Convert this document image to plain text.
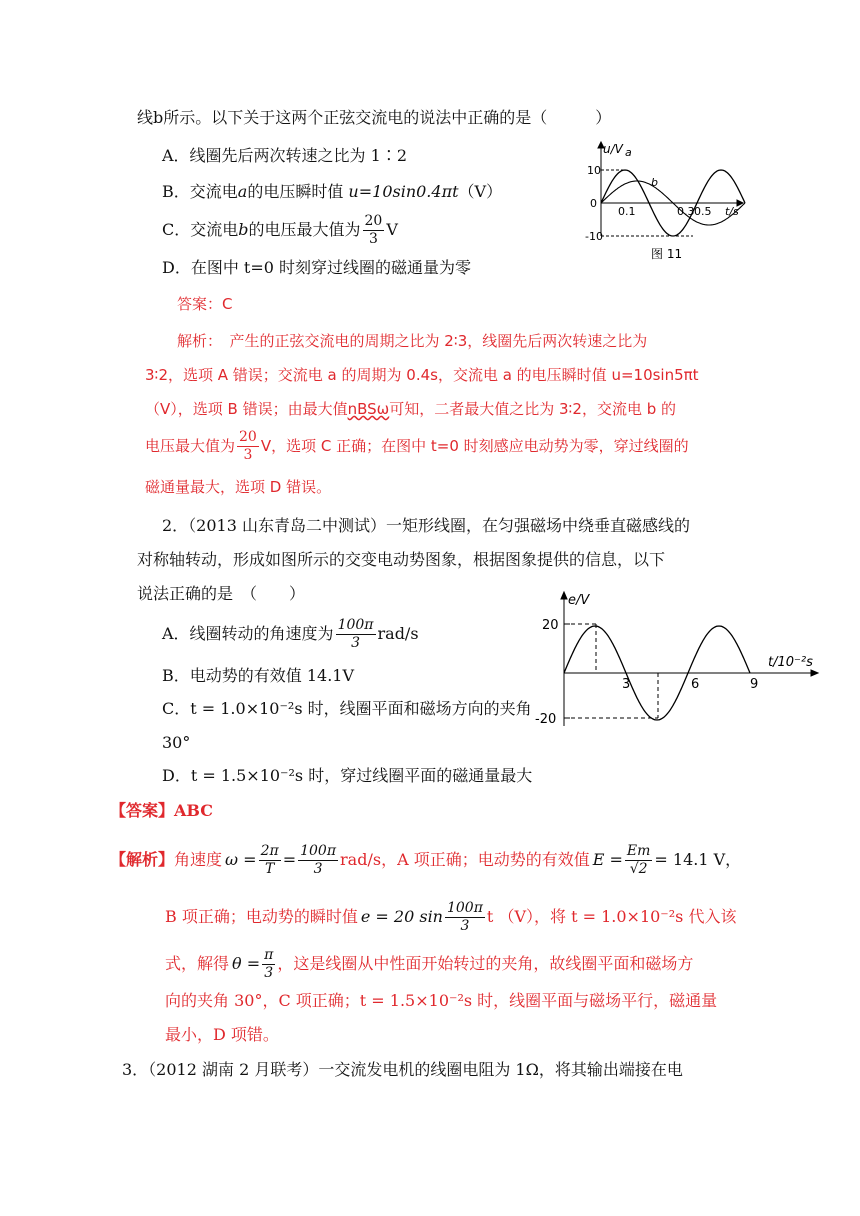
线b所示。以下关于这两个正弦交流电的说法中正确的是（　　　）
A．线圈先后两次转速之比为 1∶2
B．交流电a的电压瞬时值 u=10sin0.4πt（V）
C．交流电 b 的电压最大值为 $\frac{20}{3}$ V
D．在图中 t=0 时刻穿过线圈的磁通量为零
u/V
10
-10
0
0.1	0.3 0.5 t/s
a
b
图 11
答案：C
解析：　产生的正弦交流电的周期之比为 2∶3，线圈先后两次转速之比为
3∶2，选项 A 错误；交流电 a 的周期为 0.4s，交流电 a 的电压瞬时值 u=10sin5πt
（V），选项 B 错误；由最大值nBSω可知，二者最大值之比为 3∶2，交流电 b 的
电压最大值为 $\frac{20}{3}$ V，选项 C 正确；在图中 t=0 时刻感应电动势为零，穿过线圈的
磁通量最大，选项 D 错误。
2．（2013 山东青岛二中测试）一矩形线圈，在匀强磁场中绕垂直磁感线的
对称轴转动，形成如图所示的交变电动势图象，根据图象提供的信息，以下
说法正确的是　（　　）
A．线圈转动的角速度为 $\frac{100\pi}{3} rad/s$
B．电动势的有效值 14.1V
C．t = 1.0×10⁻²s 时，线圈平面和磁场方向的夹角
30°
D．t = 1.5×10⁻²s 时，穿过线圈平面的磁通量最大
e/V
20
-20
3	6	9
t/10⁻²s
【答案】ABC
【解析】 角速度 $\omega = \frac{2\pi}{T} = \frac{100\pi}{3} rad/s$，A 项正确；电动势的有效值 $E = \frac{Em}{√2} = 14.1$ V，
B 项正确；电动势的瞬时值 e = 20 $\sin \frac{100\pi}{3}$ t （V），将 t = 1.0×10⁻²s 代入该
式，解得 $\theta = \frac{\pi}{3}$ ，这是线圈从中性面开始转过的夹角，故线圈平面和磁场方
向的夹角 30°，C 项正确；t = 1.5×10⁻²s 时，线圈平面与磁场平行，磁通量
最小，D 项错。
3．（2012 湖南 2 月联考）一交流发电机的线圈电阻为 1Ω，将其输出端接在电
